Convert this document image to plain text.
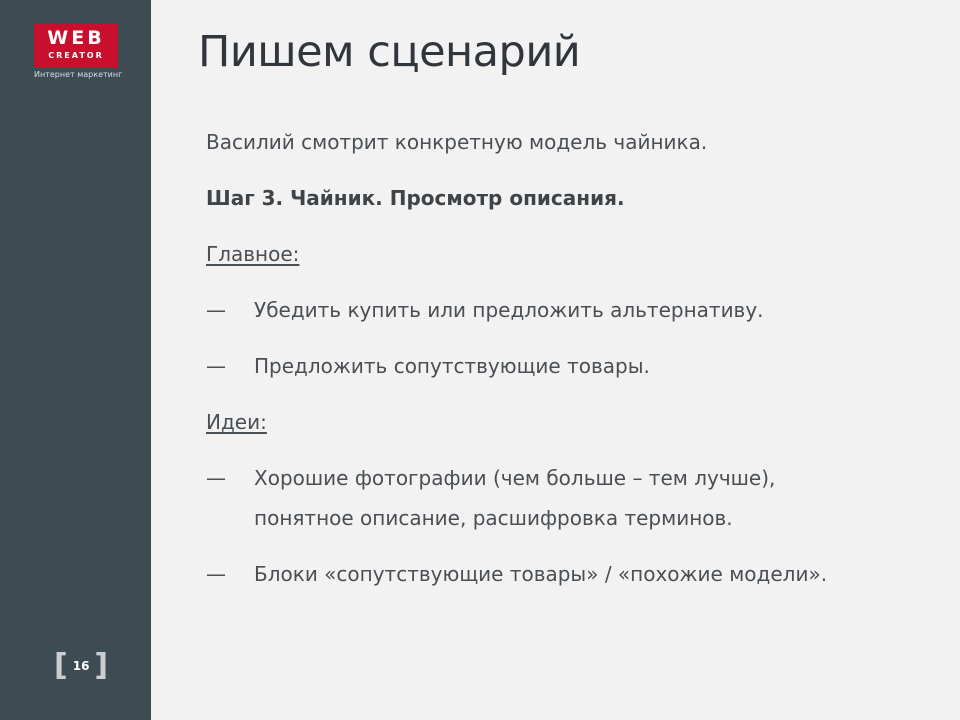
WEB
CREATOR
Интернет маркетинг
[ 16 ]
Пишем сценарий
Василий смотрит конкретную модель чайника.
Шаг 3. Чайник. Просмотр описания.
Главное:
—	Убедить купить или предложить альтернативу.
—	Предложить сопутствующие товары.
Идеи:
—	Хорошие фотографии (чем больше – тем лучше),
понятное описание, расшифровка терминов.
—	Блоки «сопутствующие товары» / «похожие модели».
